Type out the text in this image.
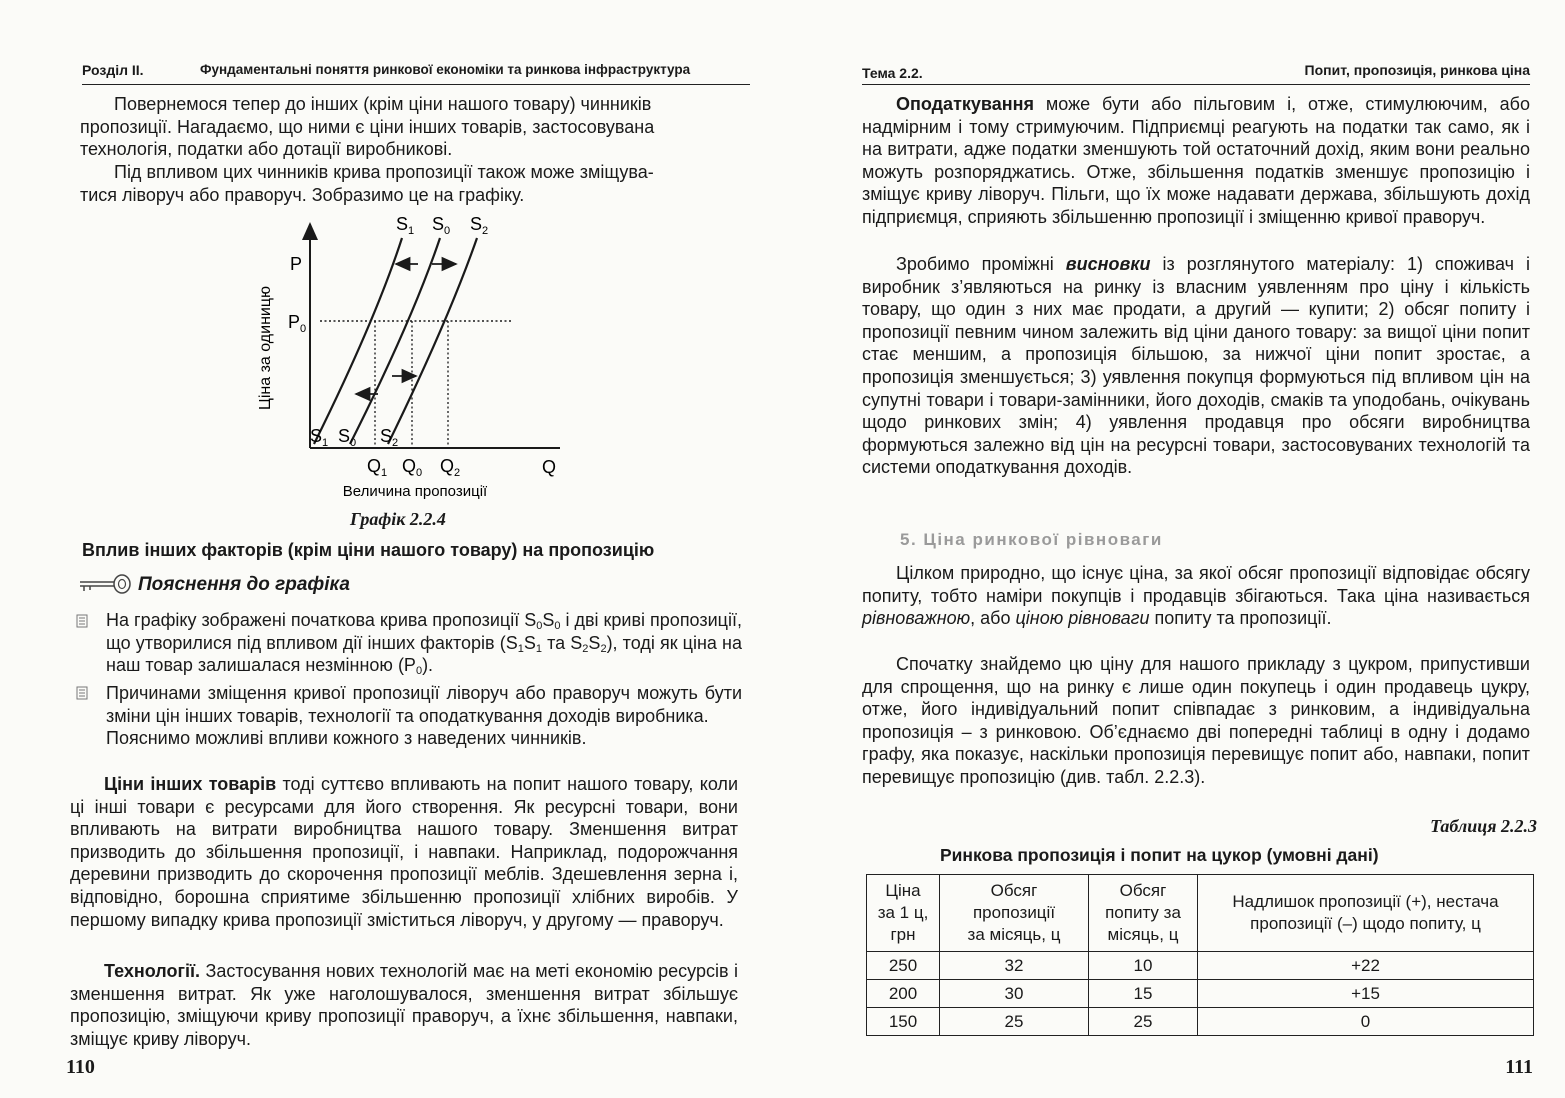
Розділ ІІ.	Фундаментальні поняття ринкової економіки та ринкова інфраструктура
Повернемося тепер до інших (крім ціни нашого товару) чинників
пропозиції. Нагадаємо, що ними є ціни інших товарів, застосовувана
технологія, податки або дотації виробникові.
Під впливом цих чинників крива пропозиції також може зміщува-
тися ліворуч або праворуч. Зобразимо це на графіку.
P
Q
$P_0$
Ціна за одиницю
Величина пропозиції
$S_1$ $S_0$ $S_2$
$S_1$ $S_0$ $S_2$
$Q_1$ $Q_0$ $Q_2$
Графік 2.2.4
Вплив інших факторів (крім ціни нашого товару) на пропозицію
Пояснення до графіка
На графіку зображені початкова крива пропозиції $S_0S_0$ і дві криві пропозиції, що утворилися під впливом дії інших факторів ($S_1S_1$ та $S_2S_2$), тоді як ціна на наш товар залишалася незмінною $(P_0)$.
Причинами зміщення кривої пропозиції ліворуч або праворуч можуть бути зміни цін інших товарів, технології та оподаткування доходів виробника.
Пояснимо можливі впливи кожного з наведених чинників.
Ціни інших товарів тоді суттєво впливають на попит нашого товару, коли ці інші товари є ресурсами для його створення. Як ресурсні товари, вони впливають на витрати виробництва нашого товару. Зменшення витрат призводить до збільшення пропозиції, і навпаки. Наприклад, подорожчання деревини призводить до скорочення пропозиції меблів. Здешевлення зерна і, відповідно, борошна сприятиме збільшенню пропозиції хлібних виробів. У першому випадку крива пропозиції зміститься ліворуч, у другому — праворуч.
Технології. Застосування нових технологій має на меті економію ресурсів і зменшення витрат. Як уже наголошувалося, зменшення витрат збільшує пропозицію, зміщуючи криву пропозиції праворуч, а їхнє збільшення, навпаки, зміщує криву ліворуч.
110
Тема 2.2.	Попит, пропозиція, ринкова ціна
Оподаткування може бути або пільговим і, отже, стимулюючим, або надмірним і тому стримуючим. Підприємці реагують на податки так само, як і на витрати, адже податки зменшують той остаточний дохід, яким вони реально можуть розпоряджатись. Отже, збільшення податків зменшує пропозицію і зміщує криву ліворуч. Пільги, що їх може надавати держава, збільшують дохід підприємця, сприяють збільшенню пропозиції і зміщенню кривої праворуч.
Зробимо проміжні висновки із розглянутого матеріалу: 1) споживач і виробник з’являються на ринку із власним уявленням про ціну і кількість товару, що один з них має продати, а другий — купити; 2) обсяг попиту і пропозиції певним чином залежить від ціни даного товару: за вищої ціни попит стає меншим, а пропозиція більшою, за нижчої ціни попит зростає, а пропозиція зменшується; 3) уявлення покупця формуються під впливом цін на супутні товари і товари-замінники, його доходів, смаків та уподобань, очікувань щодо ринкових змін; 4) уявлення продавця про обсяги виробництва формуються залежно від цін на ресурсні товари, застосовуваних технологій та системи оподаткування доходів.
5. Ціна ринкової рівноваги
Цілком природно, що існує ціна, за якої обсяг пропозиції відповідає обсягу попиту, тобто наміри покупців і продавців збігаються. Така ціна називається рівноважною, або ціною рівноваги попиту та пропозиції.
Спочатку знайдемо цю ціну для нашого прикладу з цукром, припустивши для спрощення, що на ринку є лише один покупець і один продавець цукру, отже, його індивідуальний попит співпадає з ринковим, а індивідуальна пропозиція – з ринковою. Об’єднаємо дві попередні таблиці в одну і додамо графу, яка показує, наскільки пропозиція перевищує попит або, навпаки, попит перевищує пропозицію (див. табл. 2.2.3).
Таблиця 2.2.3
Ринкова пропозиція і попит на цукор (умовні дані)
Ціна
за 1 ц,
грн	Обсяг
пропозиції
за місяць, ц	Обсяг
попиту за
місяць, ц	Надлишок пропозиції (+), нестача
пропозиції (–) щодо попиту, ц
250	32	10	+22
200	30	15	+15
150	25	25	0
111
